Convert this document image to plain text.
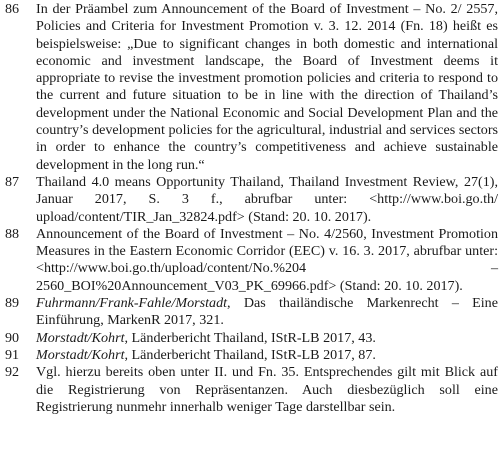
86	In der Präambel zum Announcement of the Board of Investment – No. 2/ 2557, Policies and Criteria for Investment Promotion v. 3. 12. 2014 (Fn. 18) heißt es beispielsweise: „Due to significant changes in both domestic and international economic and investment landscape, the Board of Investment deems it appropriate to revise the investment promotion policies and criteria to respond to the current and future situation to be in line with the direction of Thailand’s development under the National Economic and Social Development Plan and the country’s development policies for the agricultural, industrial and services sectors in order to enhance the country’s competitiveness and achieve sustainable development in the long run.“
87	Thailand 4.0 means Opportunity Thailand, Thailand Investment Review, 27(1), Januar 2017, S. 3 f., abrufbar unter: <http://www.boi.go.th/ upload/content/TIR_Jan_32824.pdf> (Stand: 20. 10. 2017).
88	Announcement of the Board of Investment – No. 4/2560, Investment Promotion Measures in the Eastern Economic Corridor (EEC) v. 16. 3. 2017, abrufbar unter: <http://www.boi.go.th/upload/content/No.%204 –2560_BOI%20Announcement_V03_PK_69966.pdf> (Stand: 20. 10. 2017).
89	Fuhrmann/Frank-Fahle/Morstadt, Das thailändische Markenrecht – Eine Einführung, MarkenR 2017, 321.
90	Morstadt/Kohrt, Länderbericht Thailand, IStR-LB 2017, 43.
91	Morstadt/Kohrt, Länderbericht Thailand, IStR-LB 2017, 87.
92	Vgl. hierzu bereits oben unter II. und Fn. 35. Entsprechendes gilt mit Blick auf die Registrierung von Repräsentanzen. Auch diesbezüglich soll eine Registrierung nunmehr innerhalb weniger Tage darstellbar sein.
